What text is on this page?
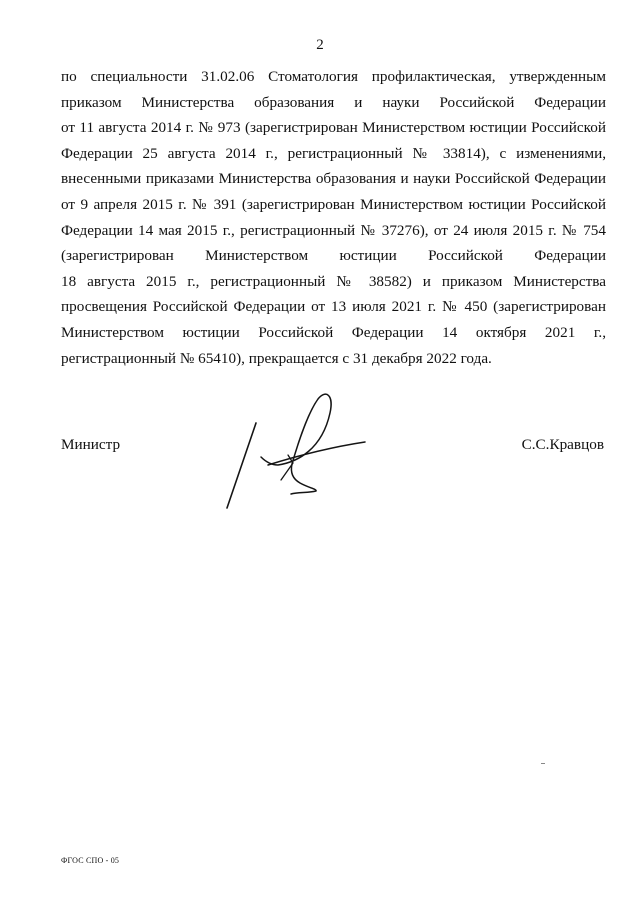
2
по специальности 31.02.06 Стоматология профилактическая, утвержденным
приказом Министерства образования и науки Российской Федерации
от 11 августа 2014 г. № 973 (зарегистрирован Министерством юстиции Российской
Федерации 25 августа 2014 г., регистрационный № 33814), с изменениями,
внесенными приказами Министерства образования и науки Российской Федерации
от 9 апреля 2015 г. № 391 (зарегистрирован Министерством юстиции Российской
Федерации 14 мая 2015 г., регистрационный № 37276), от 24 июля 2015 г. № 754
(зарегистрирован Министерством юстиции Российской Федерации
18 августа 2015 г., регистрационный № 38582) и приказом Министерства
просвещения Российской Федерации от 13 июля 2021 г. № 450 (зарегистрирован
Министерством юстиции Российской Федерации 14 октября 2021 г.,
регистрационный № 65410), прекращается с 31 декабря 2022 года.
Министр	С.С.Кравцов
ФГОС СПО - 05
